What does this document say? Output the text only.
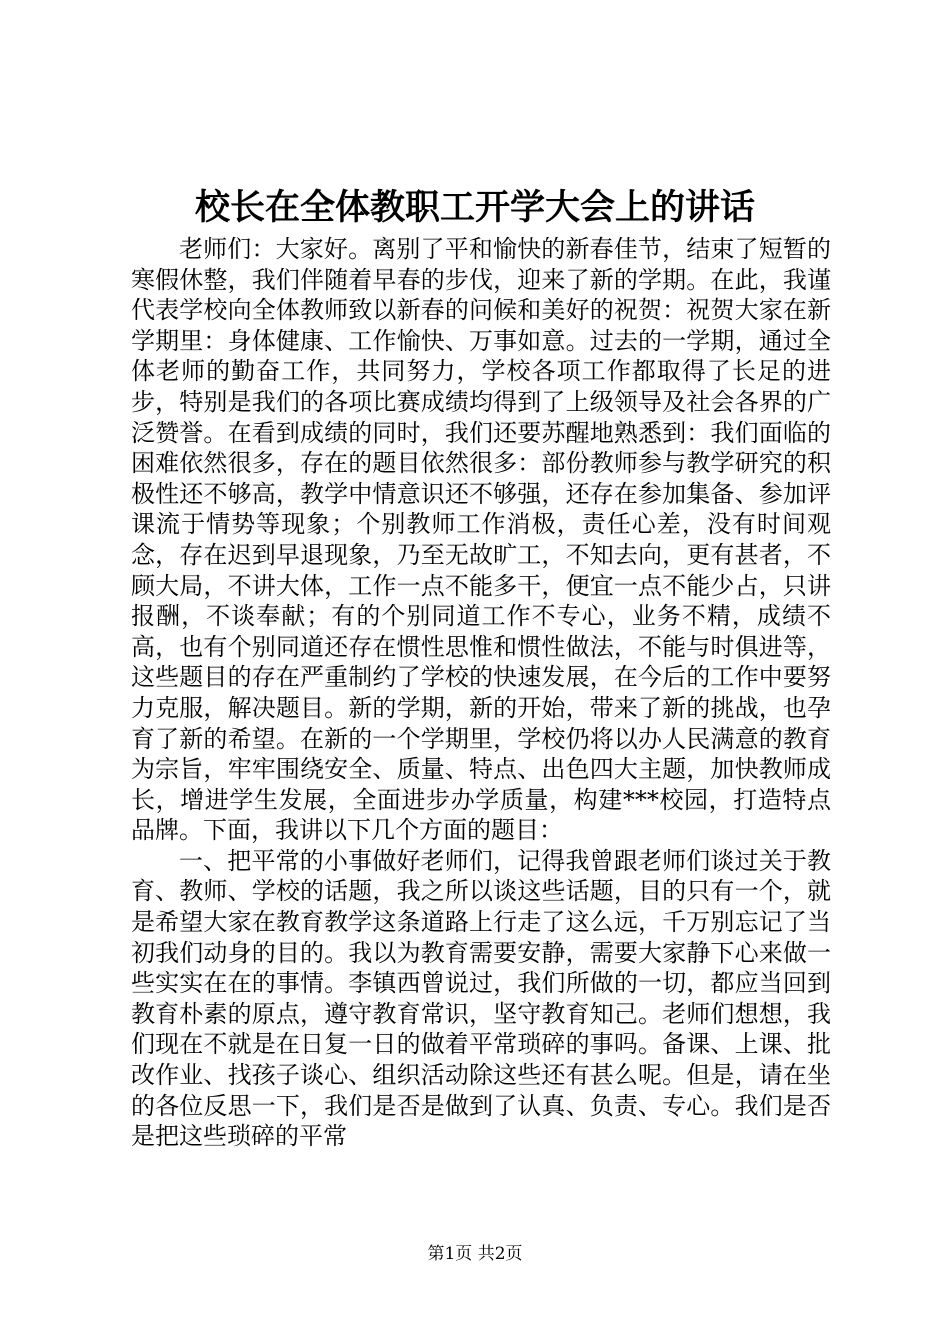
校长在全体教职工开学大会上的讲话

老师们：大家好。离别了平和愉快的新春佳节，结束了短暂的寒假休整，我们伴随着早春的步伐，迎来了新的学期。在此，我谨代表学校向全体教师致以新春的问候和美好的祝贺：祝贺大家在新学期里：身体健康、工作愉快、万事如意。过去的一学期，通过全体老师的勤奋工作，共同努力，学校各项工作都取得了长足的进步，特别是我们的各项比赛成绩均得到了上级领导及社会各界的广泛赞誉。在看到成绩的同时，我们还要苏醒地熟悉到：我们面临的困难依然很多，存在的题目依然很多：部份教师参与教学研究的积极性还不够高，教学中情意识还不够强，还存在参加集备、参加评课流于情势等现象；个别教师工作消极，责任心差，没有时间观念，存在迟到早退现象，乃至无故旷工，不知去向，更有甚者，不顾大局，不讲大体，工作一点不能多干，便宜一点不能少占，只讲报酬，不谈奉献；有的个别同道工作不专心，业务不精，成绩不高，也有个别同道还存在惯性思惟和惯性做法，不能与时俱进等，这些题目的存在严重制约了学校的快速发展，在今后的工作中要努力克服，解决题目。新的学期，新的开始，带来了新的挑战，也孕育了新的希望。在新的一个学期里，学校仍将以办人民满意的教育为宗旨，牢牢围绕安全、质量、特点、出色四大主题，加快教师成长，增进学生发展，全面进步办学质量，构建***校园，打造特点品牌。下面，我讲以下几个方面的题目：

一、把平常的小事做好老师们，记得我曾跟老师们谈过关于教育、教师、学校的话题，我之所以谈这些话题，目的只有一个，就是希望大家在教育教学这条道路上行走了这么远，千万别忘记了当初我们动身的目的。我以为教育需要安静，需要大家静下心来做一些实实在在的事情。李镇西曾说过，我们所做的一切，都应当回到教育朴素的原点，遵守教育常识，坚守教育知己。老师们想想，我们现在不就是在日复一日的做着平常琐碎的事吗。备课、上课、批改作业、找孩子谈心、组织活动除这些还有甚么呢。但是，请在坐的各位反思一下，我们是否是做到了认真、负责、专心。我们是否是把这些琐碎的平常

第1页 共2页
